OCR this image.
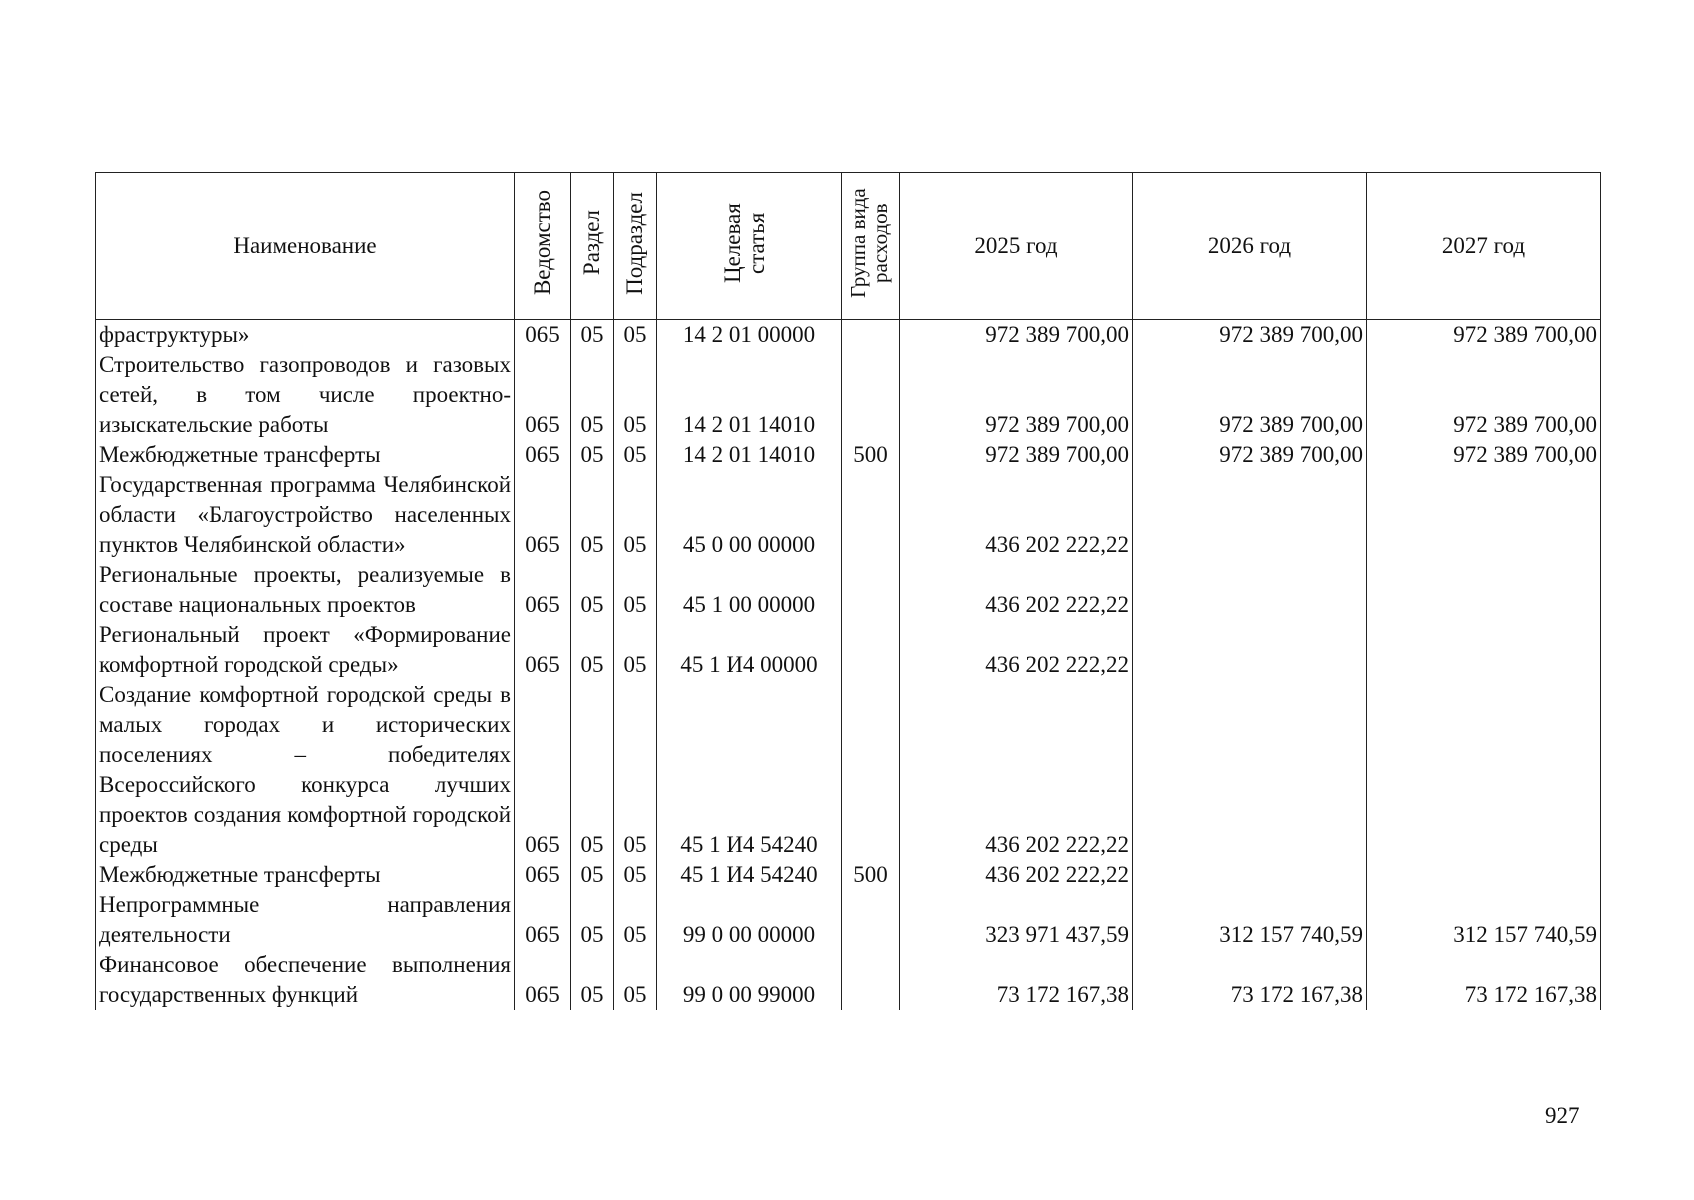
Наименование	Ведомство	Раздел	Подраздел	Целевая статья	Группа вида расходов	2025 год	2026 год	2027 год

фраструктуры»	065	05	05	14 2 01 00000		972 389 700,00	972 389 700,00	972 389 700,00
Строительство газопроводов и газовых сетей, в том числе проектно-изыскательские работы	065	05	05	14 2 01 14010		972 389 700,00	972 389 700,00	972 389 700,00
Межбюджетные трансферты	065	05	05	14 2 01 14010	500	972 389 700,00	972 389 700,00	972 389 700,00
Государственная программа Челябинской области «Благоустройство населенных пунктов Челябинской области»	065	05	05	45 0 00 00000		436 202 222,22		
Региональные проекты, реализуемые в составе национальных проектов	065	05	05	45 1 00 00000		436 202 222,22		
Региональный проект «Формирование комфортной городской среды»	065	05	05	45 1 И4 00000		436 202 222,22		
Создание комфортной городской среды в малых городах и исторических поселениях – победителях Всероссийского конкурса лучших проектов создания комфортной городской среды	065	05	05	45 1 И4 54240		436 202 222,22		
Межбюджетные трансферты	065	05	05	45 1 И4 54240	500	436 202 222,22		
Непрограммные направления деятельности	065	05	05	99 0 00 00000		323 971 437,59	312 157 740,59	312 157 740,59
Финансовое обеспечение выполнения государственных функций	065	05	05	99 0 00 99000		73 172 167,38	73 172 167,38	73 172 167,38
927
